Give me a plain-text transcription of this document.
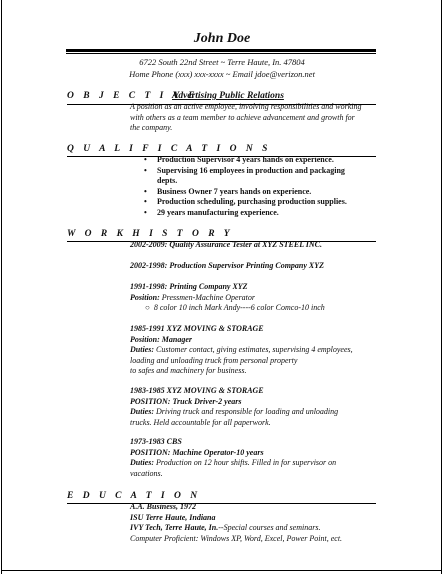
John Doe
6722 South 22nd Street ~ Terre Haute, In. 47804
Home Phone (xxx) xxx-xxxx ~ Email jdoe@verizon.net
O B J E C T I V E
Advertising Public Relations
A position as an active employee, involving responsibilities and working
with others as a team member to achieve advancement and growth for
the company.
Q U A L I F I C A T I O N S
• Production Supervisor 4 years hands on experience.
• Supervising 16 employees in production and packaging
depts.
• Business Owner 7 years hands on experience.
• Production scheduling, purchasing production supplies.
• 29 years manufacturing experience.
W O R K H I S T O R Y
2002-2009: Quality Assurance Tester at XYZ STEEL INC.
2002-1998: Production Supervisor Printing Company XYZ
1991-1998: Printing Company XYZ
Position: Pressmen-Machine Operator
○ 8 color 10 inch Mark Andy----6 color Comco-10 inch
1985-1991 XYZ MOVING & STORAGE
Position: Manager
Duties: Customer contact, giving estimates, supervising 4 employees,
loading and unloading truck from personal property
to safes and machinery for business.
1983-1985 XYZ MOVING & STORAGE
POSITION: Truck Driver-2 years
Duties: Driving truck and responsible for loading and unloading
trucks. Held accountable for all paperwork.
1973-1983 CBS
POSITION: Machine Operator-10 years
Duties: Production on 12 hour shifts. Filled in for supervisor on
vacations.
E D U C A T I O N
A.A. Business, 1972
ISU Terre Haute, Indiana
IVY Tech, Terre Haute, In.--Special courses and seminars.
Computer Proficient: Windows XP, Word, Excel, Power Point, ect.
